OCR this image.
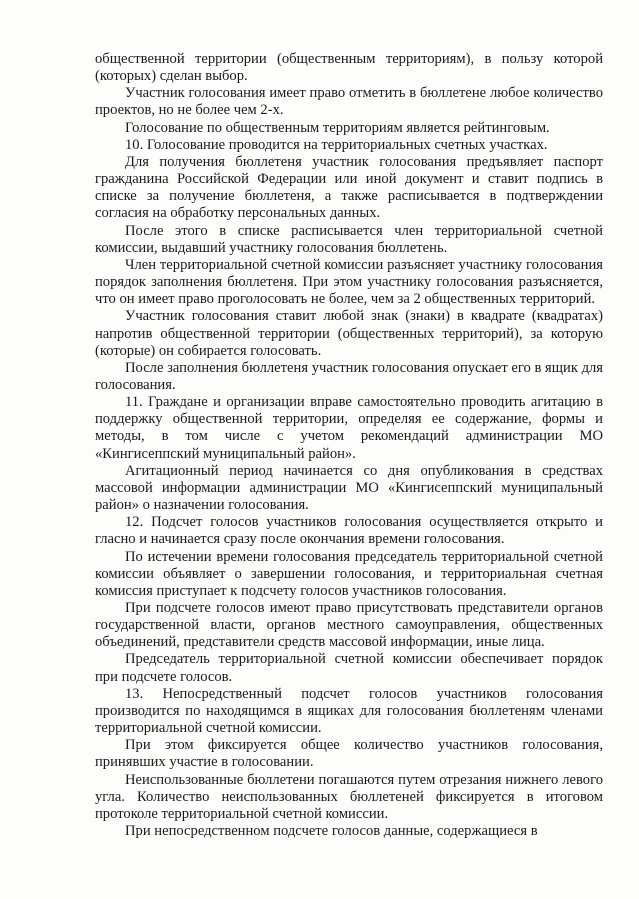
общественной территории (общественным территориям), в пользу которой (которых) сделан выбор.

Участник голосования имеет право отметить в бюллетене любое количество проектов, но не более чем 2-х.

Голосование по общественным территориям является рейтинговым.

10. Голосование проводится на территориальных счетных участках.

Для получения бюллетеня участник голосования предъявляет паспорт гражданина Российской Федерации или иной документ и ставит подпись в списке за получение бюллетеня, а также расписывается в подтверждении согласия на обработку персональных данных.

После этого в списке расписывается член территориальной счетной комиссии, выдавший участнику голосования бюллетень.

Член территориальной счетной комиссии разъясняет участнику голосования порядок заполнения бюллетеня. При этом участнику голосования разъясняется, что он имеет право проголосовать не более, чем за 2 общественных территорий.

Участник голосования ставит любой знак (знаки) в квадрате (квадратах) напротив общественной территории (общественных территорий), за которую (которые) он собирается голосовать.

После заполнения бюллетеня участник голосования опускает его в ящик для голосования.

11. Граждане и организации вправе самостоятельно проводить агитацию в поддержку общественной территории, определяя ее содержание, формы и методы, в том числе с учетом рекомендаций администрации МО «Кингисеппский муниципальный район».

Агитационный период начинается со дня опубликования в средствах массовой информации администрации МО «Кингисеппский муниципальный район» о назначении голосования.

12. Подсчет голосов участников голосования осуществляется открыто и гласно и начинается сразу после окончания времени голосования.

По истечении времени голосования председатель территориальной счетной комиссии объявляет о завершении голосования, и территориальная счетная комиссия приступает к подсчету голосов участников голосования.

При подсчете голосов имеют право присутствовать представители органов государственной власти, органов местного самоуправления, общественных объединений, представители средств массовой информации, иные лица.

Председатель территориальной счетной комиссии обеспечивает порядок при подсчете голосов.

13. Непосредственный подсчет голосов участников голосования производится по находящимся в ящиках для голосования бюллетеням членами территориальной счетной комиссии.

При этом фиксируется общее количество участников голосования, принявших участие в голосовании.

Неиспользованные бюллетени погашаются путем отрезания нижнего левого угла. Количество неиспользованных бюллетеней фиксируется в итоговом протоколе территориальной счетной комиссии.

При непосредственном подсчете голосов данные, содержащиеся в
